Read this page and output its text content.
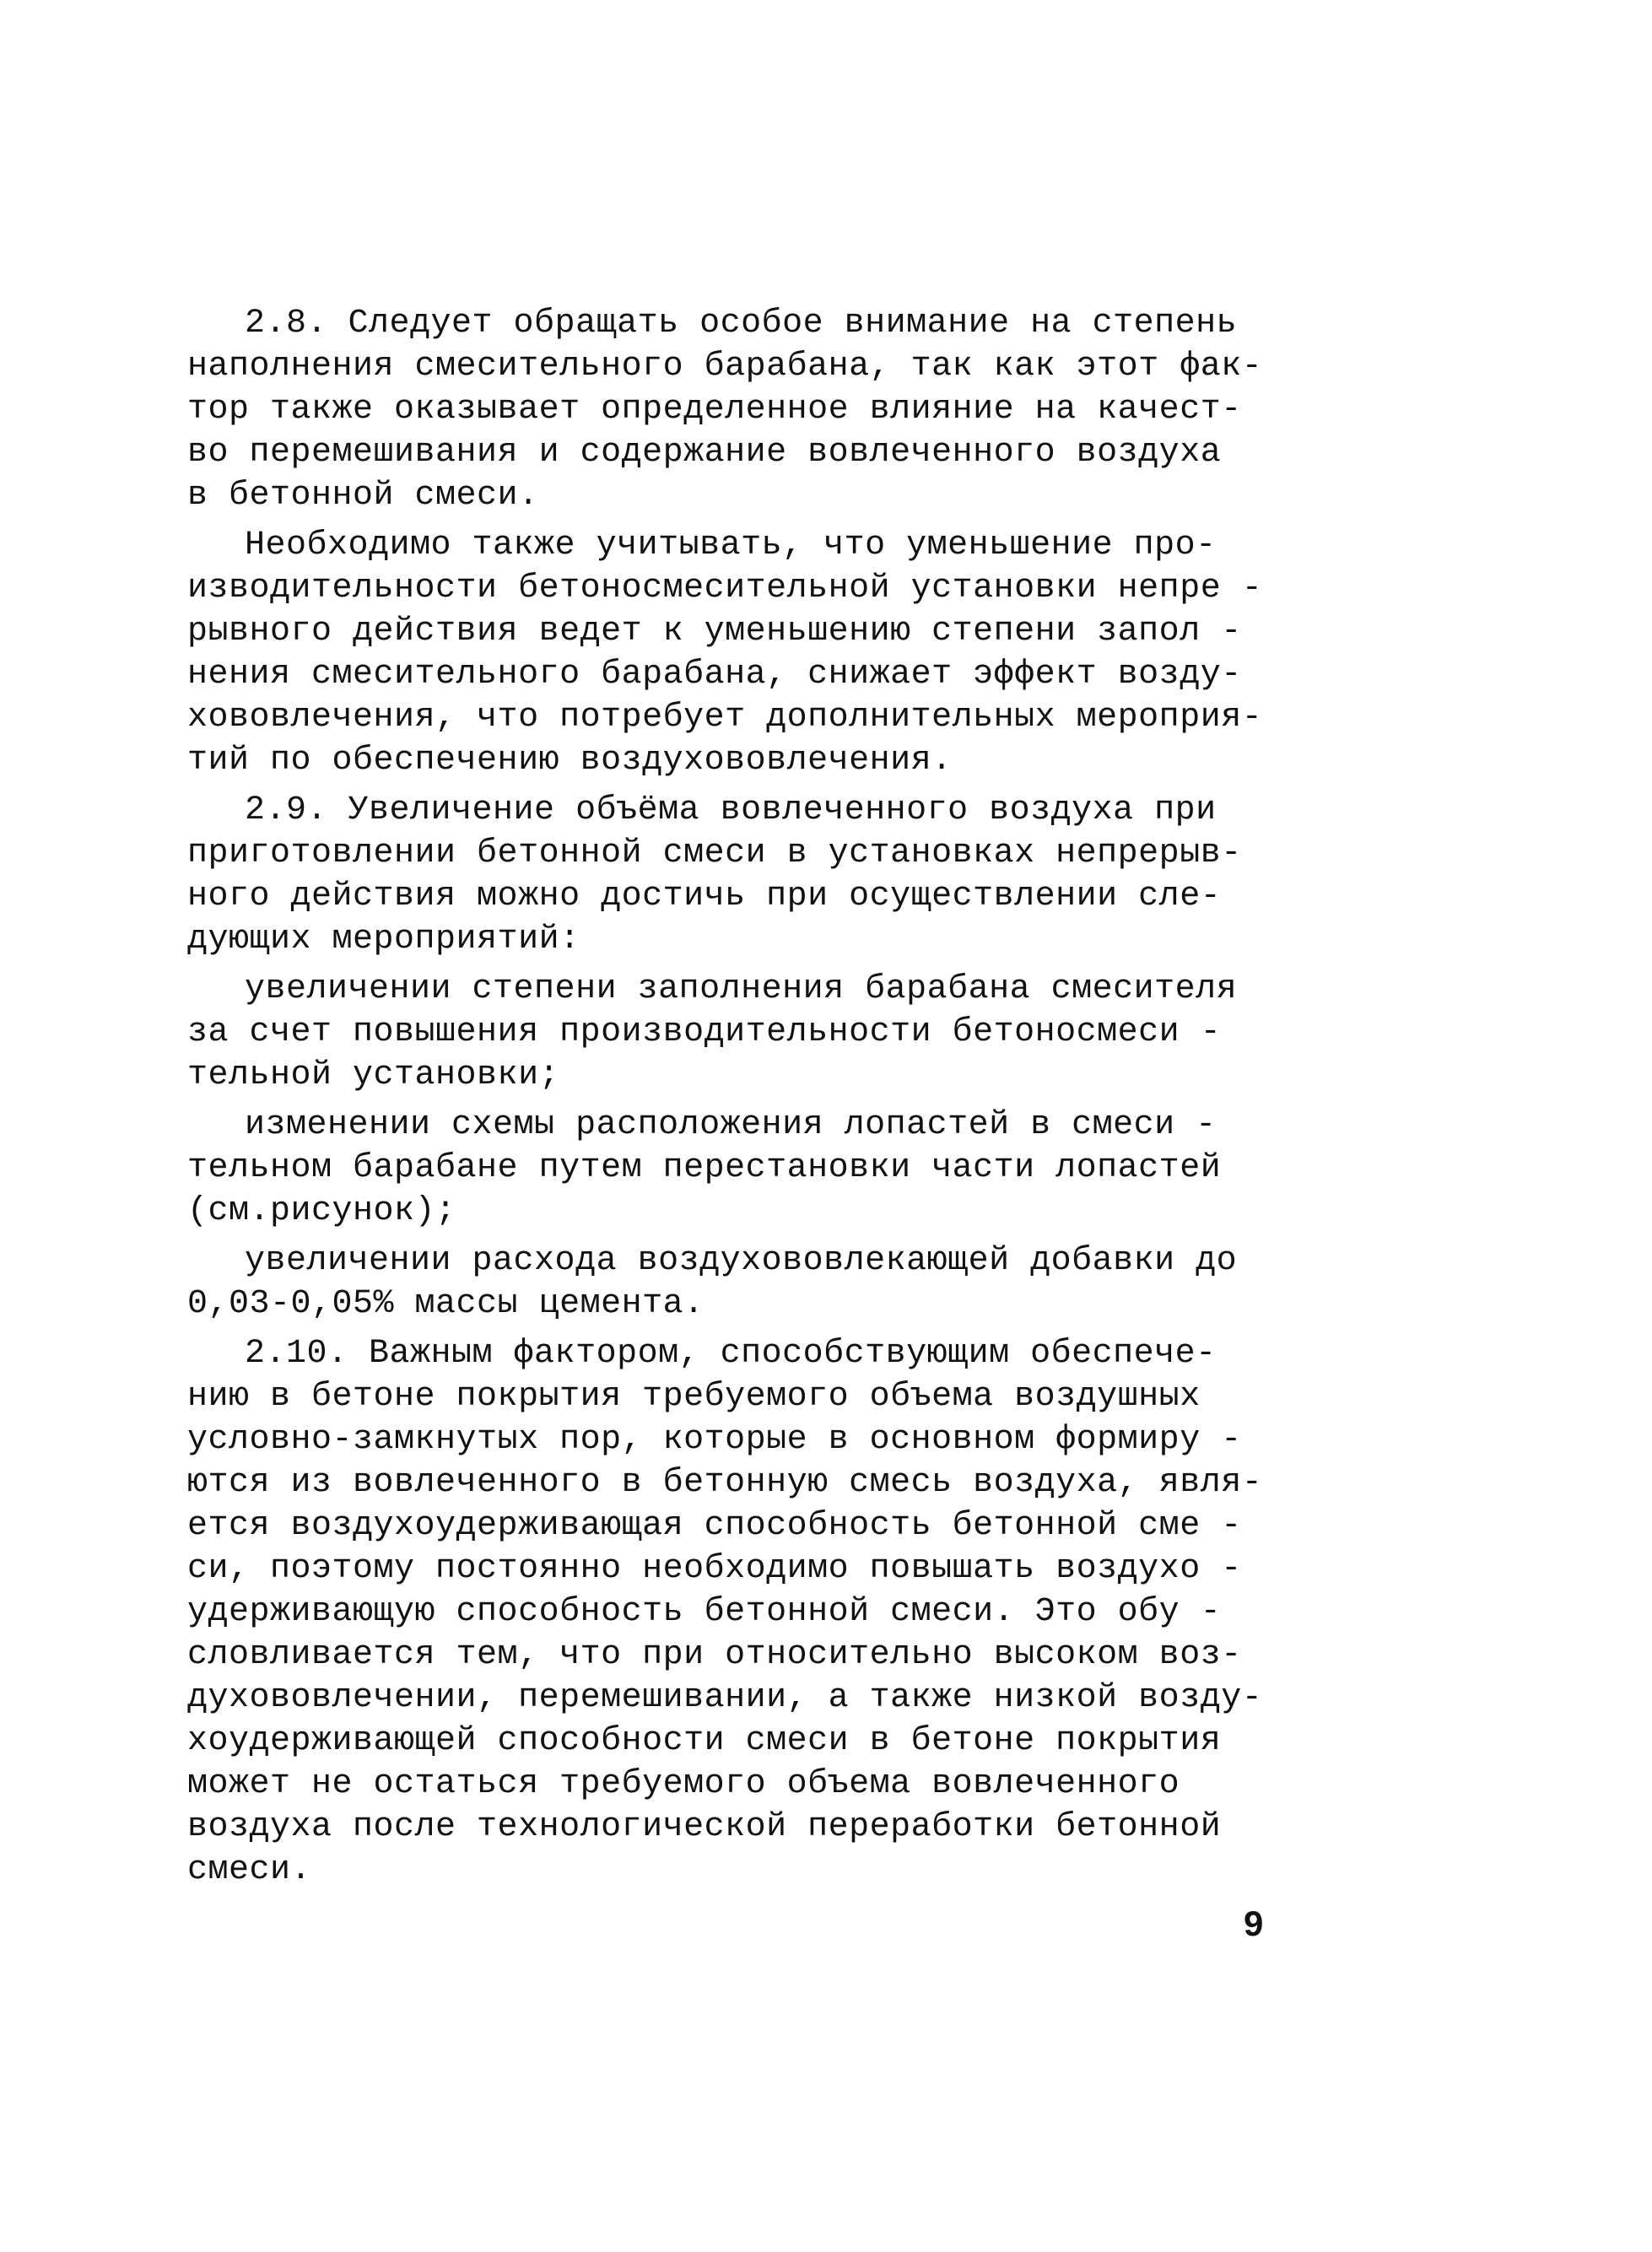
2.8. Следует обращать особое внимание на степень
наполнения смесительного барабана, так как этот фак-
тор также оказывает определенное влияние на качест-
во перемешивания и содержание вовлеченного воздуха
в бетонной смеси.
Необходимо также учитывать, что уменьшение про-
изводительности бетоносмесительной установки непре -
рывного действия ведет к уменьшению степени запол -
нения смесительного барабана, снижает эффект возду-
хововлечения, что потребует дополнительных мероприя-
тий по обеспечению воздухововлечения.
2.9. Увеличение объёма вовлеченного воздуха при
приготовлении бетонной смеси в установках непрерыв-
ного действия можно достичь при осуществлении сле-
дующих мероприятий:
увеличении степени заполнения барабана смесителя
за счет повышения производительности бетоносмеси -
тельной установки;
изменении схемы расположения лопастей в смеси -
тельном барабане путем перестановки части лопастей
(см.рисунок);
увеличении расхода воздухововлекающей добавки до
0,03-0,05% массы цемента.
2.10. Важным фактором, способствующим обеспече-
нию в бетоне покрытия требуемого объема воздушных
условно-замкнутых пор, которые в основном формиру -
ются из вовлеченного в бетонную смесь воздуха, явля-
ется воздухоудерживающая способность бетонной сме -
си, поэтому постоянно необходимо повышать воздухо -
удерживающую способность бетонной смеси. Это обу -
словливается тем, что при относительно высоком воз-
духововлечении, перемешивании, а также низкой возду-
хоудерживающей способности смеси в бетоне покрытия
может не остаться требуемого объема вовлеченного
воздуха после технологической переработки бетонной
смеси.
9
